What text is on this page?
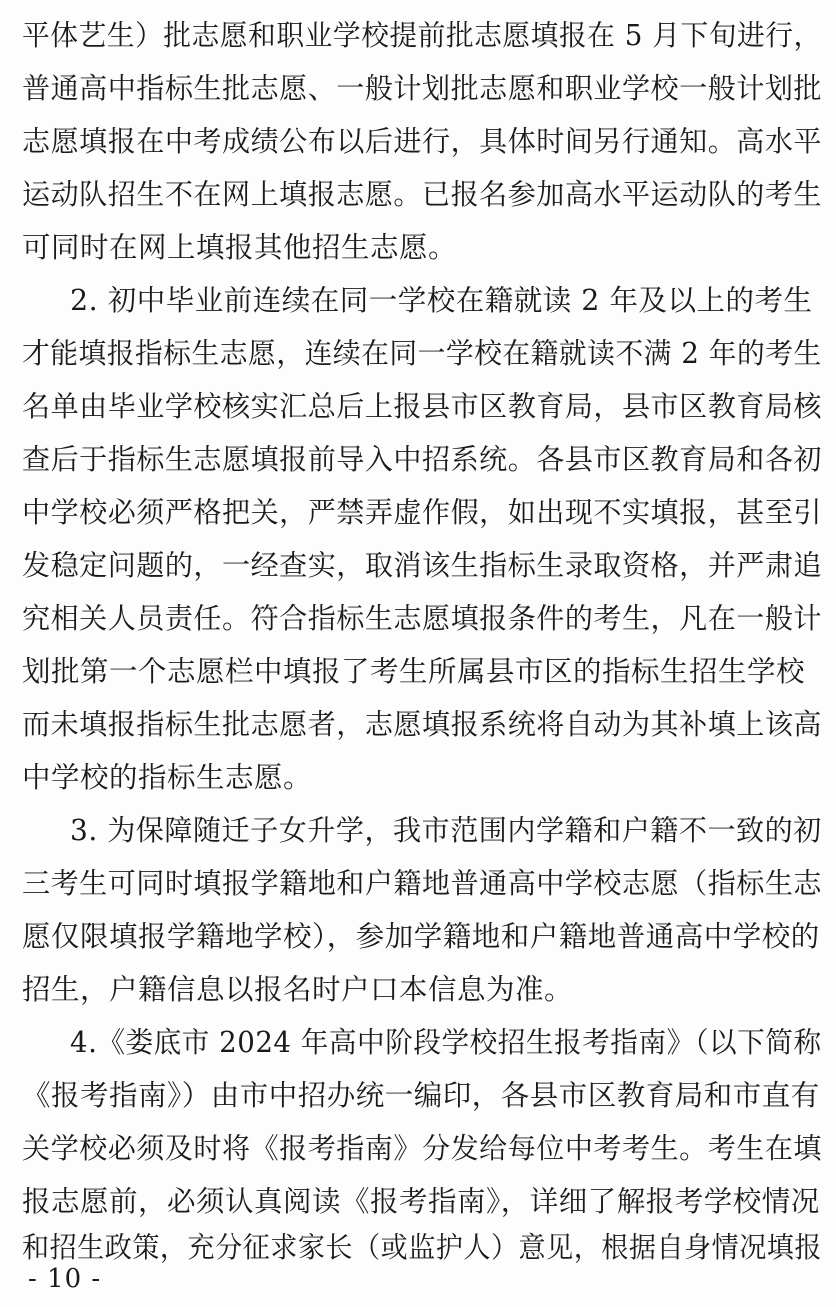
平体艺生）批志愿和职业学校提前批志愿填报在 5 月下旬进行，
普通高中指标生批志愿、一般计划批志愿和职业学校一般计划批
志愿填报在中考成绩公布以后进行，具体时间另行通知。高水平
运动队招生不在网上填报志愿。已报名参加高水平运动队的考生
可同时在网上填报其他招生志愿。
2. 初中毕业前连续在同一学校在籍就读 2 年及以上的考生
才能填报指标生志愿，连续在同一学校在籍就读不满 2 年的考生
名单由毕业学校核实汇总后上报县市区教育局，县市区教育局核
查后于指标生志愿填报前导入中招系统。各县市区教育局和各初
中学校必须严格把关，严禁弄虚作假，如出现不实填报，甚至引
发稳定问题的，一经查实，取消该生指标生录取资格，并严肃追
究相关人员责任。符合指标生志愿填报条件的考生，凡在一般计
划批第一个志愿栏中填报了考生所属县市区的指标生招生学校
而未填报指标生批志愿者，志愿填报系统将自动为其补填上该高
中学校的指标生志愿。
3. 为保障随迁子女升学，我市范围内学籍和户籍不一致的初
三考生可同时填报学籍地和户籍地普通高中学校志愿（指标生志
愿仅限填报学籍地学校），参加学籍地和户籍地普通高中学校的
招生，户籍信息以报名时户口本信息为准。
4.《娄底市 2024 年高中阶段学校招生报考指南》（以下简称
《报考指南》）由市中招办统一编印，各县市区教育局和市直有
关学校必须及时将《报考指南》分发给每位中考考生。考生在填
报志愿前，必须认真阅读《报考指南》，详细了解报考学校情况
和招生政策，充分征求家长（或监护人）意见，根据自身情况填报
- 10 -
